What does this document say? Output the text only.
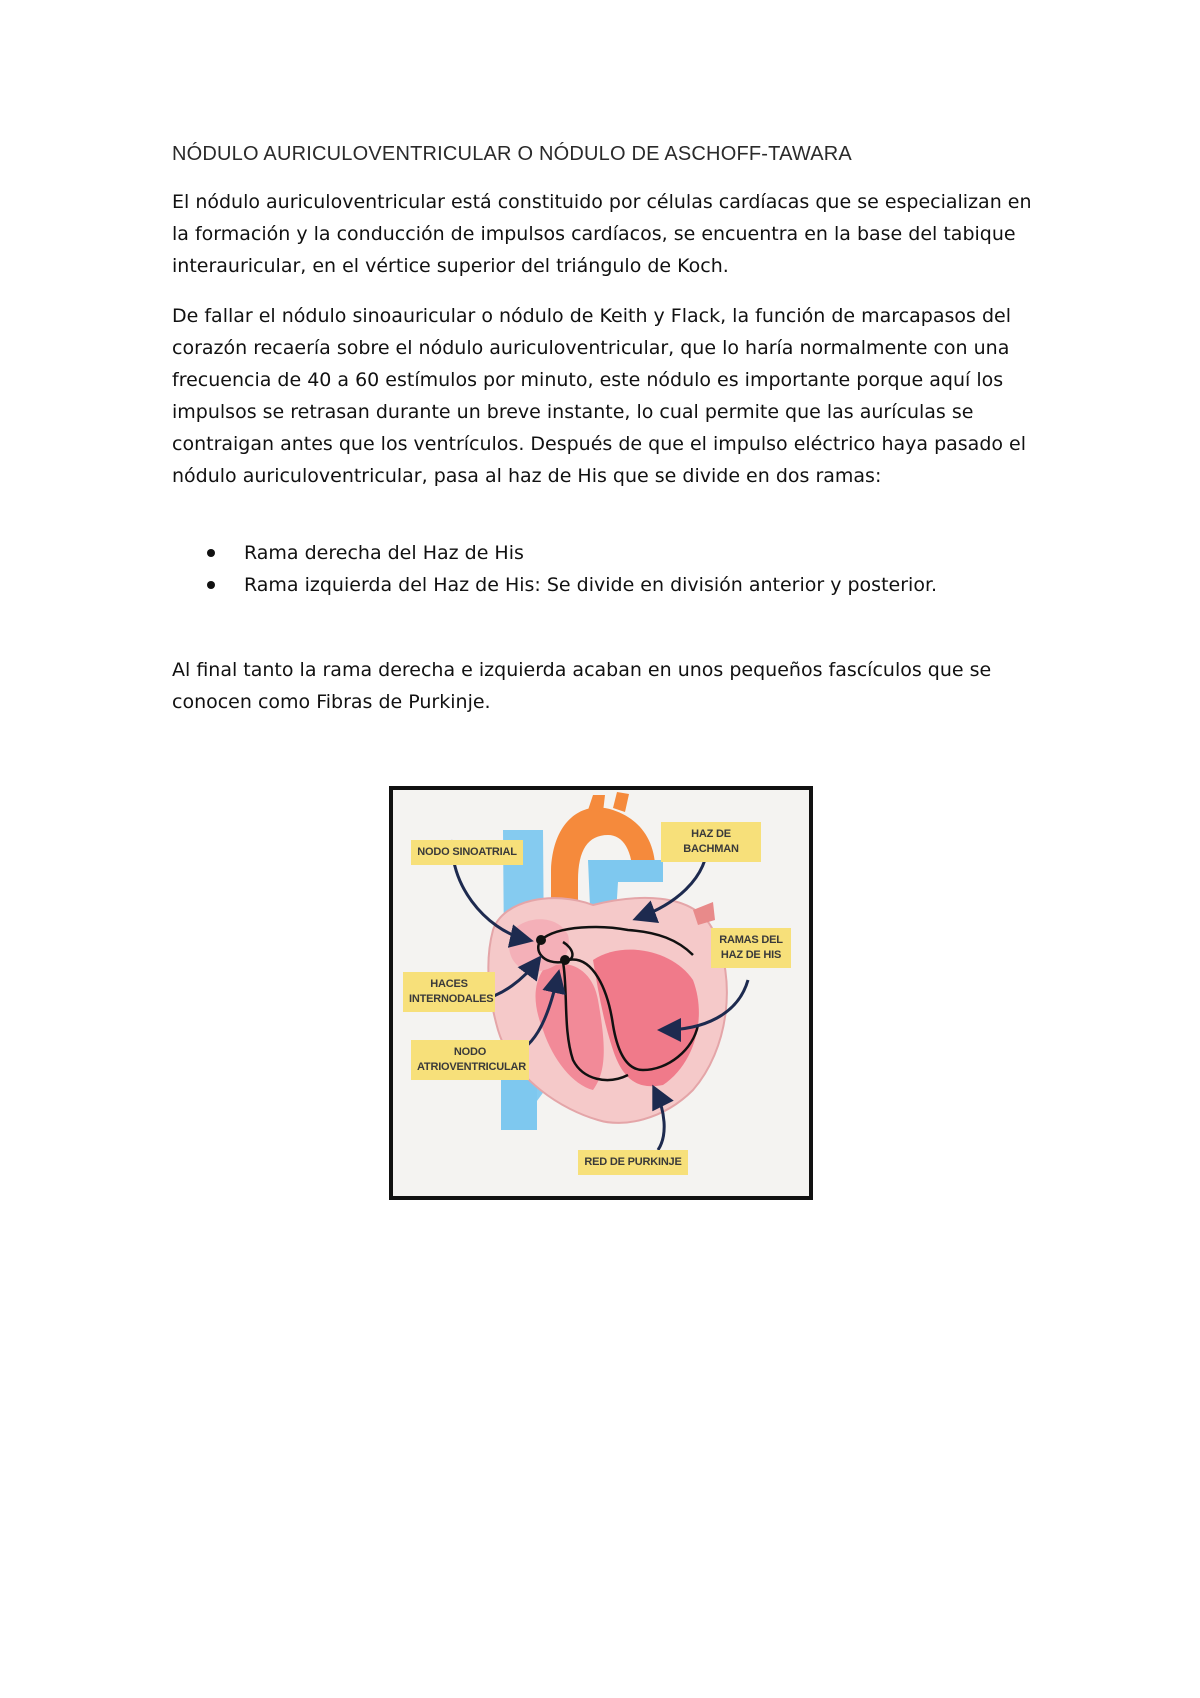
NÓDULO AURICULOVENTRICULAR O NÓDULO DE ASCHOFF-TAWARA

El nódulo auriculoventricular está constituido por células cardíacas que se especializan en la formación y la conducción de impulsos cardíacos, se encuentra en la base del tabique interauricular, en el vértice superior del triángulo de Koch.

De fallar el nódulo sinoauricular o nódulo de Keith y Flack, la función de marcapasos del corazón recaería sobre el nódulo auriculoventricular, que lo haría normalmente con una frecuencia de 40 a 60 estímulos por minuto, este nódulo es importante porque aquí los impulsos se retrasan durante un breve instante, lo cual permite que las aurículas se contraigan antes que los ventrículos. Después de que el impulso eléctrico haya pasado el nódulo auriculoventricular, pasa al haz de His que se divide en dos ramas:

Rama derecha del Haz de His
Rama izquierda del Haz de His: Se divide en división anterior y posterior.

Al final tanto la rama derecha e izquierda acaban en unos pequeños fascículos que se conocen como Fibras de Purkinje.

NODO SINOATRIAL
HAZ DE BACHMAN
RAMAS DEL
HAZ DE HIS
HACES
INTERNODALES
NODO
ATRIOVENTRICULAR
RED DE PURKINJE
